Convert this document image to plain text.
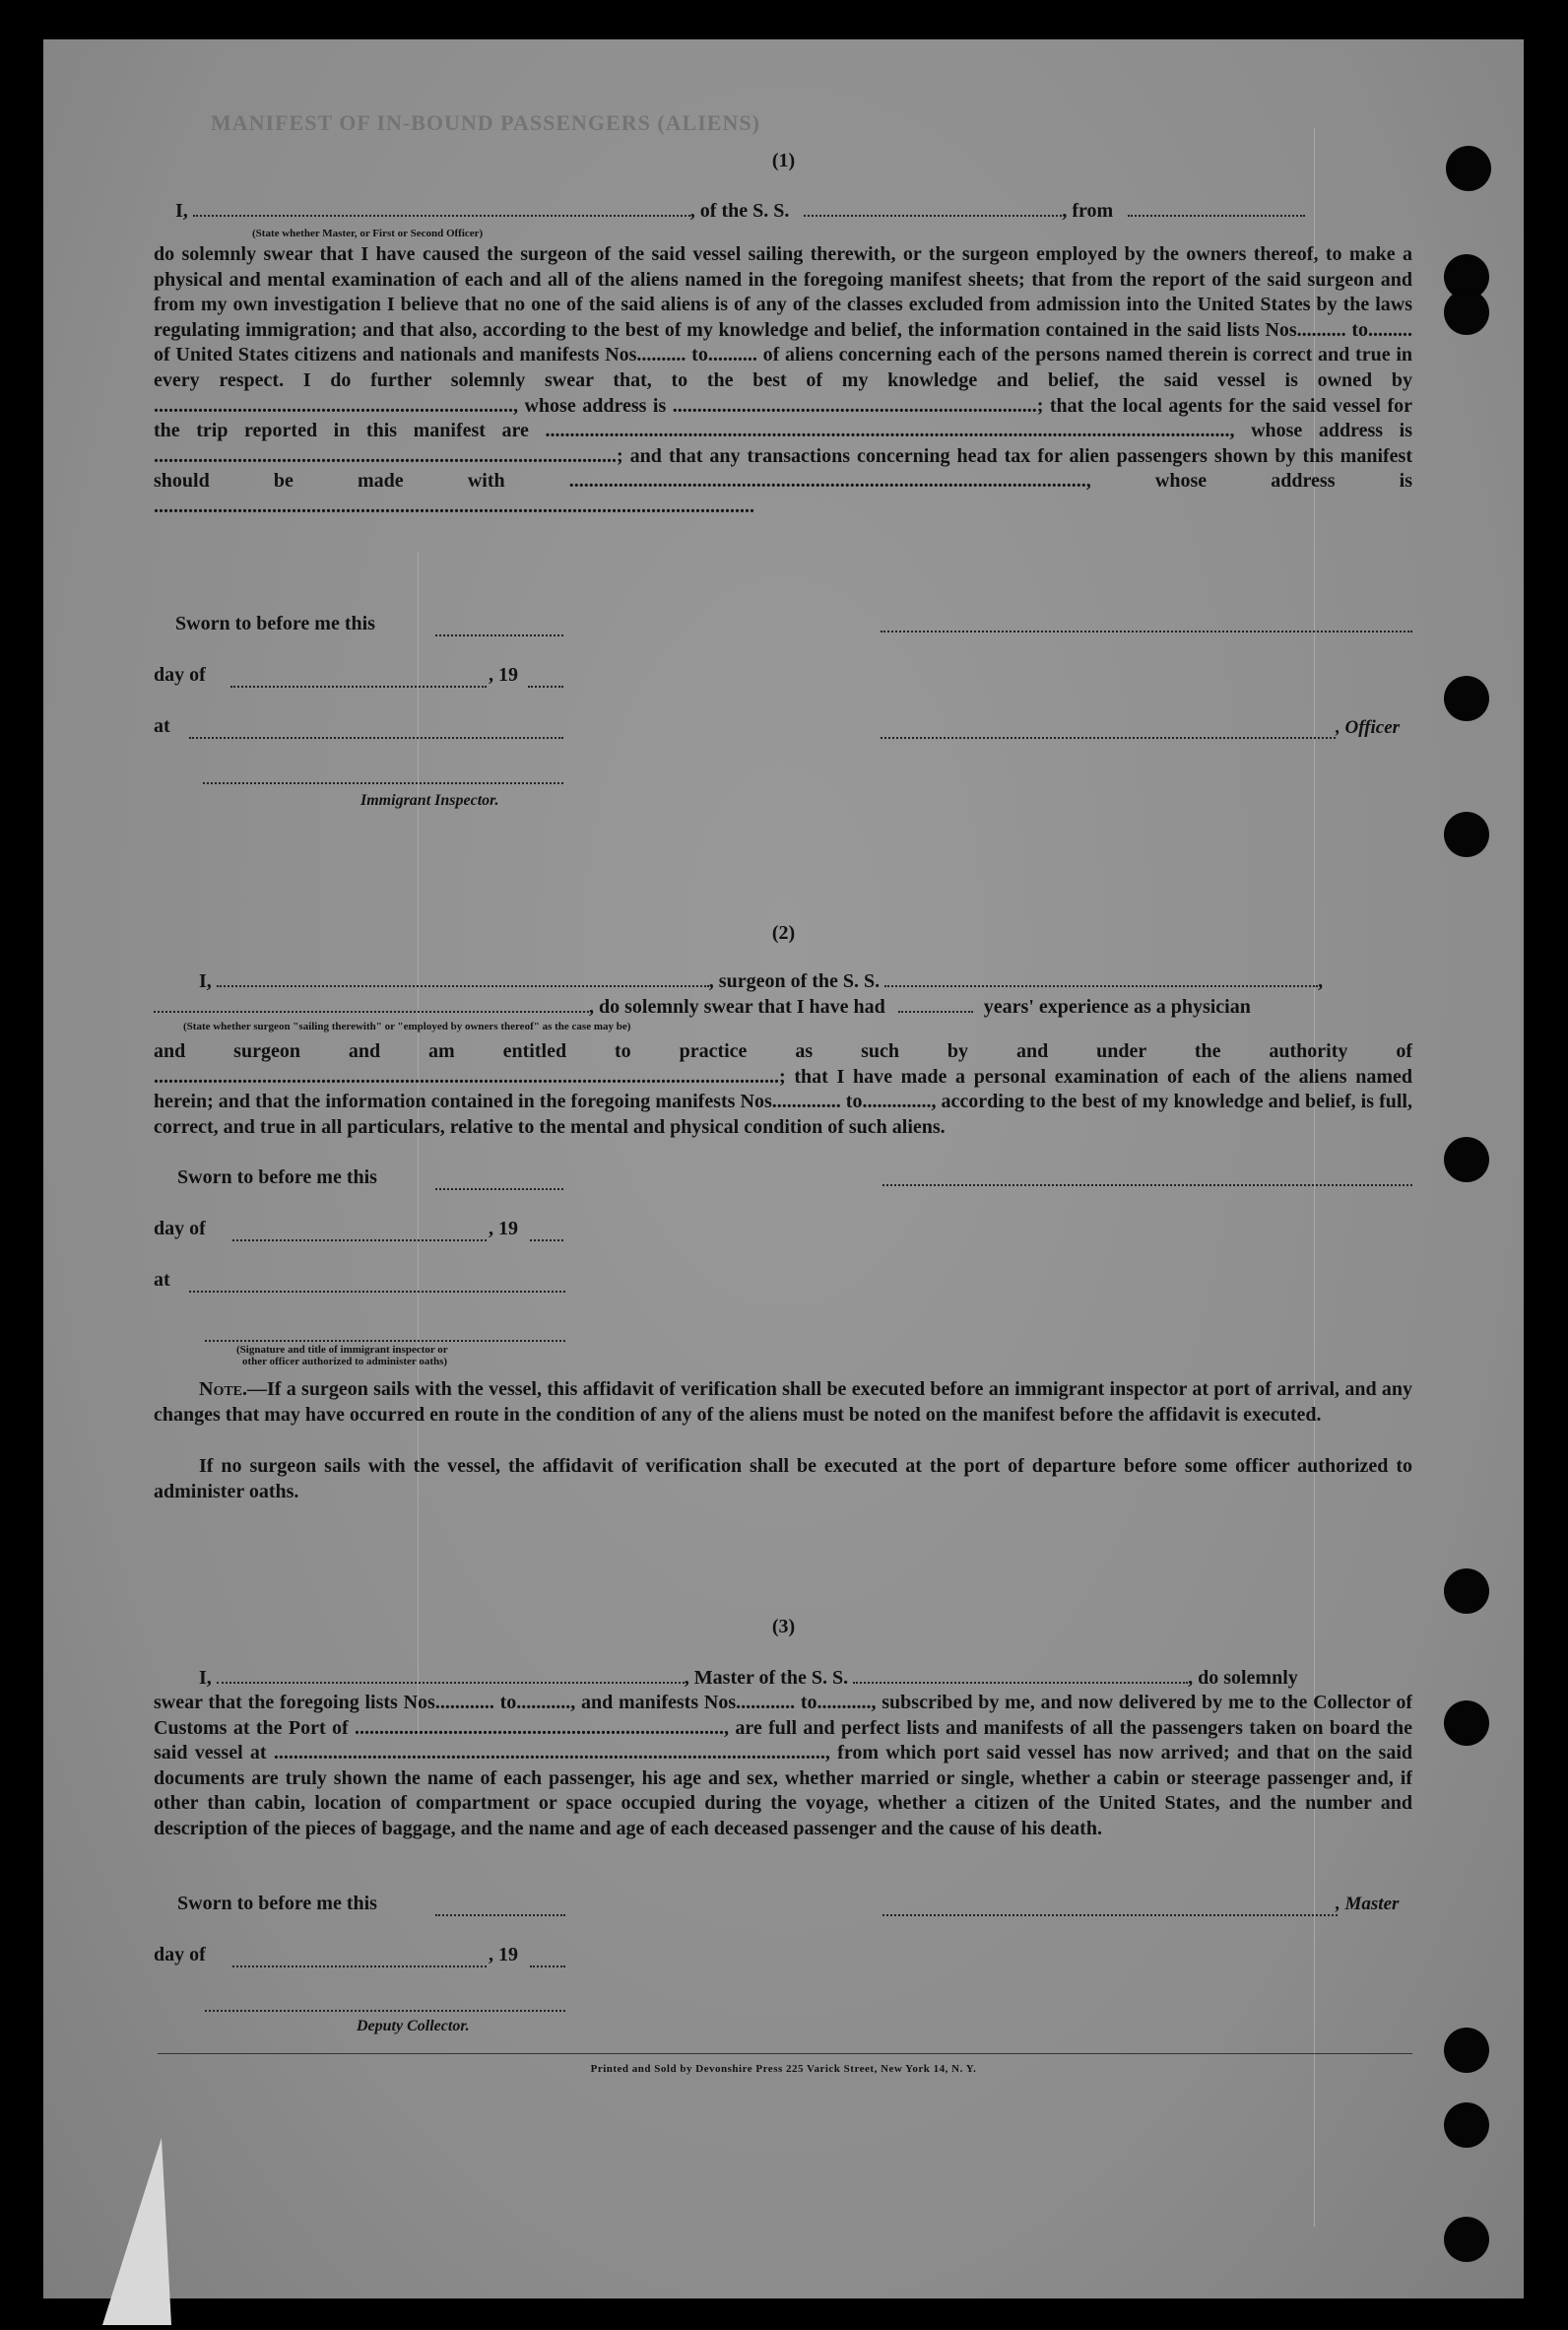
MANIFEST OF IN-BOUND PASSENGERS (ALIENS)
(1)
I,	, of the S. S.	, from
(State whether Master, or First or Second Officer)
do solemnly swear that I have caused the surgeon of the said vessel sailing therewith, or the surgeon employed by the owners thereof, to make a physical and mental examination of each and all of the aliens named in the foregoing manifest sheets; that from the report of the said surgeon and from my own investigation I believe that no one of the said aliens is of any of the classes excluded from admission into the United States by the laws regulating immigration; and that also, according to the best of my knowledge and belief, the information contained in the said lists Nos.......... to......... of United States citizens and nationals and manifests Nos.......... to.......... of aliens concerning each of the persons named therein is correct and true in every respect. I do further solemnly swear that, to the best of my knowledge and belief, the said vessel is owned by ........................................................................., whose address is ..........................................................................; that the local agents for the said vessel for the trip reported in this manifest are ..........................................................................................................................................., whose address is ..............................................................................................; and that any transactions concerning head tax for alien passengers shown by this manifest should be made with ........................................................................................................., whose address is ..........................................................................................................................
Sworn to before me this
day of	, 19
at	, Officer
Immigrant Inspector.
(2)
I,	, surgeon of the S. S.	,
, do solemnly swear that I have had	years' experience as a physician
(State whether surgeon "sailing therewith" or "employed by owners thereof" as the case may be)
and surgeon and am entitled to practice as such by and under the authority of ...............................................................................................................................; that I have made a personal examination of each of the aliens named herein; and that the information contained in the foregoing manifests Nos.............. to.............., according to the best of my knowledge and belief, is full, correct, and true in all particulars, relative to the mental and physical condition of such aliens.
Sworn to before me this
day of	, 19
at
(Signature and title of immigrant inspector or
other officer authorized to administer oaths)
Note.—If a surgeon sails with the vessel, this affidavit of verification shall be executed before an immigrant inspector at port of arrival, and any changes that may have occurred en route in the condition of any of the aliens must be noted on the manifest before the affidavit is executed.
If no surgeon sails with the vessel, the affidavit of verification shall be executed at the port of departure before some officer authorized to administer oaths.
(3)
I,	, Master of the S. S.	, do solemnly
swear that the foregoing lists Nos............ to..........., and manifests Nos............ to..........., subscribed by me, and now delivered by me to the Collector of Customs at the Port of ..........................................................................., are full and perfect lists and manifests of all the passengers taken on board the said vessel at ................................................................................................................, from which port said vessel has now arrived; and that on the said documents are truly shown the name of each passenger, his age and sex, whether married or single, whether a cabin or steerage passenger and, if other than cabin, location of compartment or space occupied during the voyage, whether a citizen of the United States, and the number and description of the pieces of baggage, and the name and age of each deceased passenger and the cause of his death.
Sworn to before me this	, Master
day of	, 19
Deputy Collector.
Printed and Sold by Devonshire Press 225 Varick Street, New York 14, N. Y.
